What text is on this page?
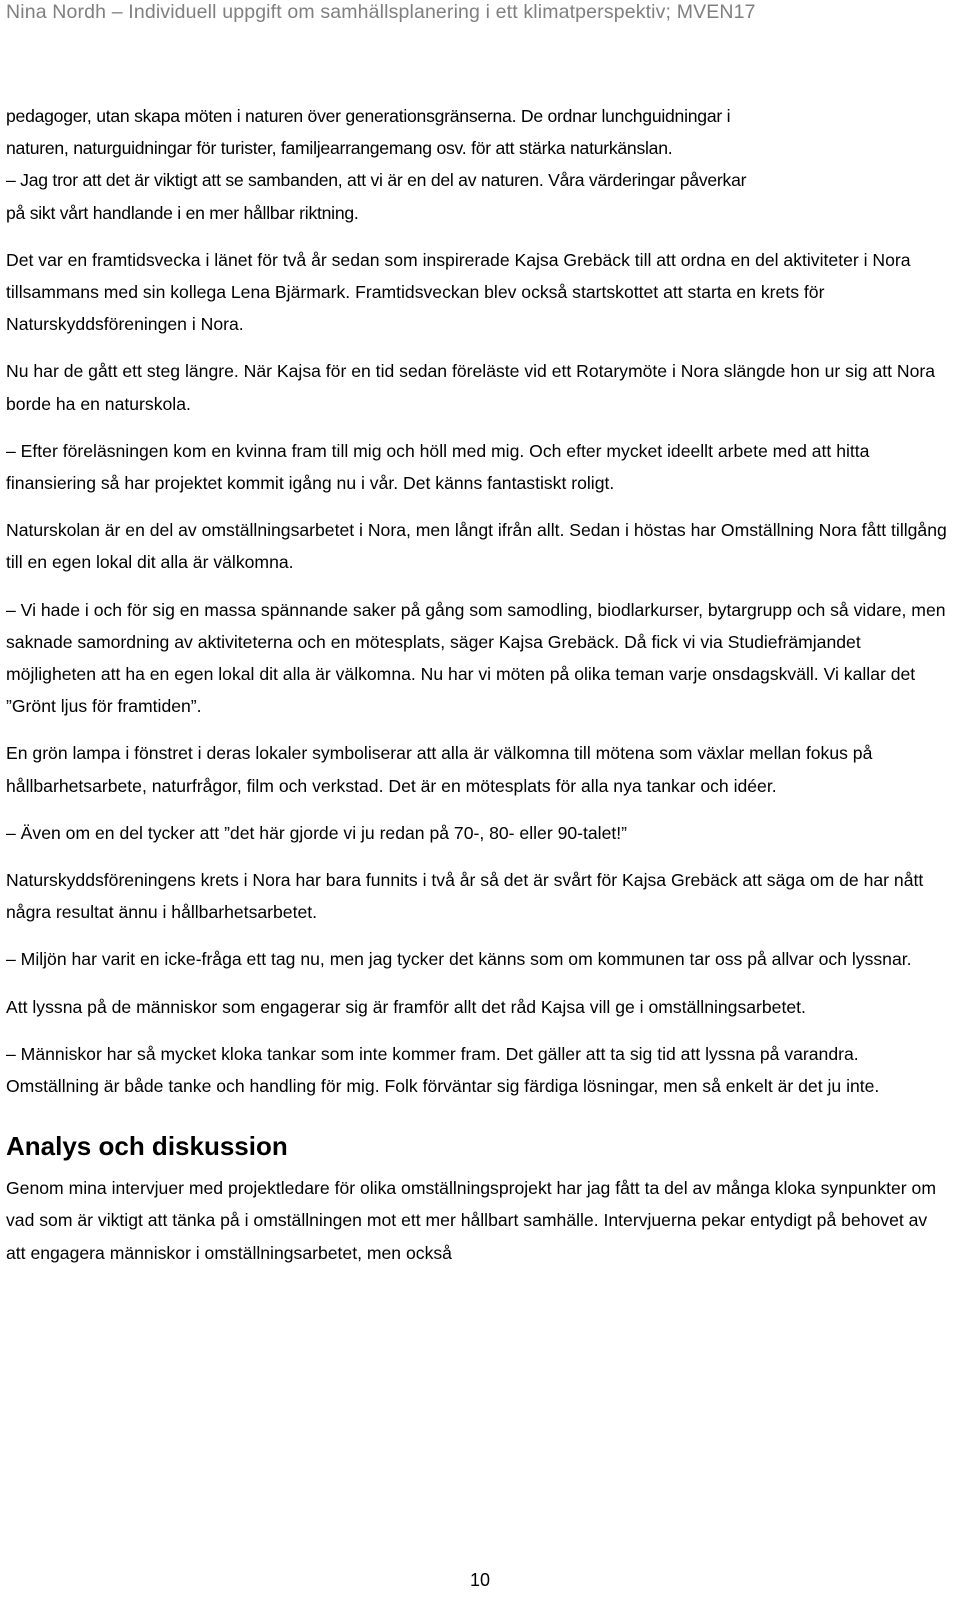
Nina Nordh – Individuell uppgift om samhällsplanering i ett klimatperspektiv; MVEN17

pedagoger, utan skapa möten i naturen över generationsgränserna. De ordnar lunchguidningar i

naturen, naturguidningar för turister, familjearrangemang osv. för att stärka naturkänslan.

– Jag tror att det är viktigt att se sambanden, att vi är en del av naturen. Våra värderingar påverkar

på sikt vårt handlande i en mer hållbar riktning.

Det var en framtidsvecka i länet för två år sedan som inspirerade Kajsa Grebäck till att ordna en del aktiviteter i Nora tillsammans med sin kollega Lena Bjärmark. Framtidsveckan blev också startskottet att starta en krets för Naturskyddsföreningen i Nora.

Nu har de gått ett steg längre. När Kajsa för en tid sedan föreläste vid ett Rotarymöte i Nora slängde hon ur sig att Nora borde ha en naturskola.

– Efter föreläsningen kom en kvinna fram till mig och höll med mig. Och efter mycket ideellt arbete med att hitta finansiering så har projektet kommit igång nu i vår. Det känns fantastiskt roligt.

Naturskolan är en del av omställningsarbetet i Nora, men långt ifrån allt. Sedan i höstas har Omställning Nora fått tillgång till en egen lokal dit alla är välkomna.

– Vi hade i och för sig en massa spännande saker på gång som samodling, biodlarkurser, bytargrupp och så vidare, men saknade samordning av aktiviteterna och en mötesplats, säger Kajsa Grebäck. Då fick vi via Studiefrämjandet möjligheten att ha en egen lokal dit alla är välkomna. Nu har vi möten på olika teman varje onsdagskväll. Vi kallar det ”Grönt ljus för framtiden”.

En grön lampa i fönstret i deras lokaler symboliserar att alla är välkomna till mötena som växlar mellan fokus på hållbarhetsarbete, naturfrågor, film och verkstad. Det är en mötesplats för alla nya tankar och idéer.

– Även om en del tycker att ”det här gjorde vi ju redan på 70-, 80- eller 90-talet!”

Naturskyddsföreningens krets i Nora har bara funnits i två år så det är svårt för Kajsa Grebäck att säga om de har nått några resultat ännu i hållbarhetsarbetet.

– Miljön har varit en icke-fråga ett tag nu, men jag tycker det känns som om kommunen tar oss på allvar och lyssnar.

Att lyssna på de människor som engagerar sig är framför allt det råd Kajsa vill ge i omställningsarbetet.

– Människor har så mycket kloka tankar som inte kommer fram. Det gäller att ta sig tid att lyssna på varandra. Omställning är både tanke och handling för mig. Folk förväntar sig färdiga lösningar, men så enkelt är det ju inte.

Analys och diskussion

Genom mina intervjuer med projektledare för olika omställningsprojekt har jag fått ta del av många kloka synpunkter om vad som är viktigt att tänka på i omställningen mot ett mer hållbart samhälle. Intervjuerna pekar entydigt på behovet av att engagera människor i omställningsarbetet, men också

10
